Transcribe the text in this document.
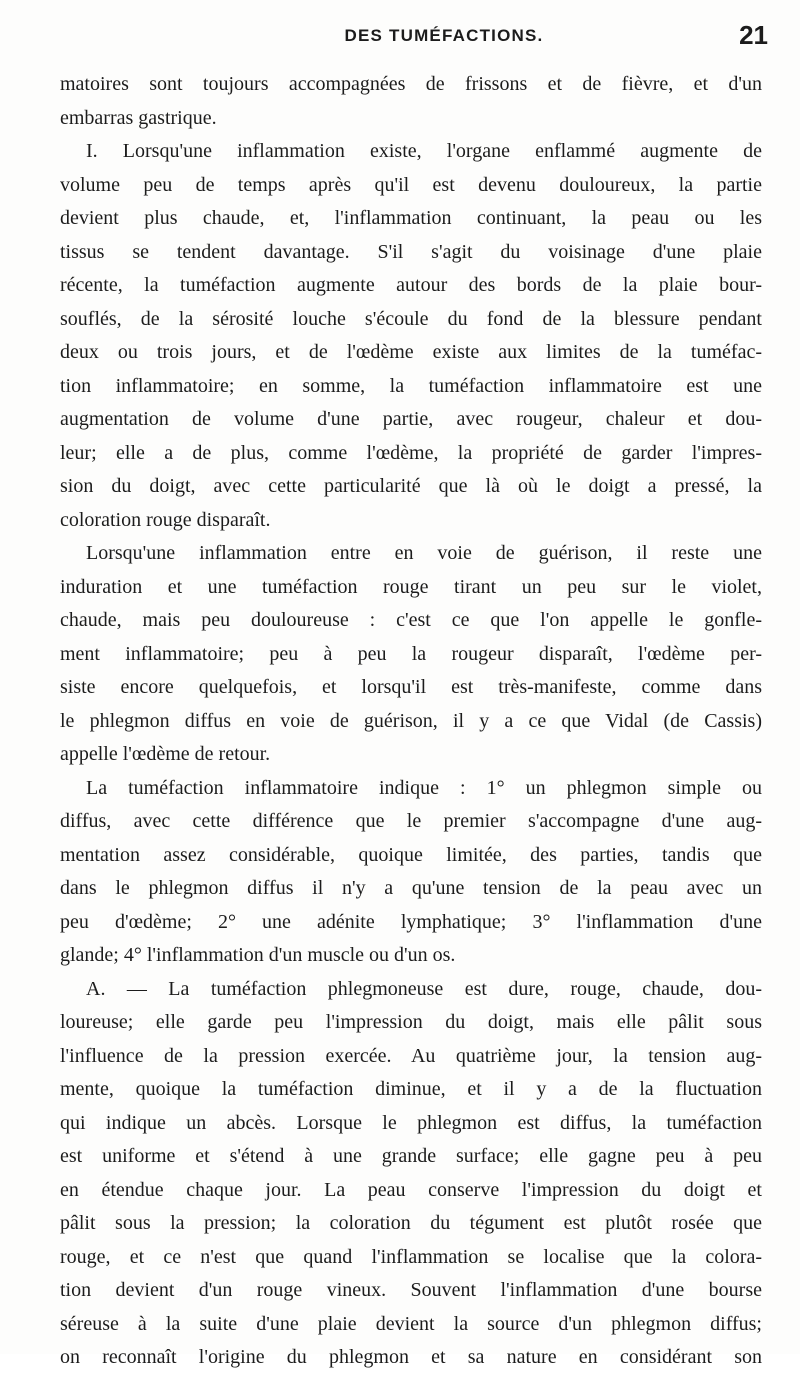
DES TUMÉFACTIONS.	21
matoires sont toujours accompagnées de frissons et de fièvre, et d'un
embarras gastrique.
I. Lorsqu'une inflammation existe, l'organe enflammé augmente de
volume peu de temps après qu'il est devenu douloureux, la partie
devient plus chaude, et, l'inflammation continuant, la peau ou les
tissus se tendent davantage. S'il s'agit du voisinage d'une plaie
récente, la tuméfaction augmente autour des bords de la plaie bour-
souflés, de la sérosité louche s'écoule du fond de la blessure pendant
deux ou trois jours, et de l'œdème existe aux limites de la tuméfac-
tion inflammatoire; en somme, la tuméfaction inflammatoire est une
augmentation de volume d'une partie, avec rougeur, chaleur et dou-
leur; elle a de plus, comme l'œdème, la propriété de garder l'impres-
sion du doigt, avec cette particularité que là où le doigt a pressé, la
coloration rouge disparaît.
Lorsqu'une inflammation entre en voie de guérison, il reste une
induration et une tuméfaction rouge tirant un peu sur le violet,
chaude, mais peu douloureuse : c'est ce que l'on appelle le gonfle-
ment inflammatoire; peu à peu la rougeur disparaît, l'œdème per-
siste encore quelquefois, et lorsqu'il est très-manifeste, comme dans
le phlegmon diffus en voie de guérison, il y a ce que Vidal (de Cassis)
appelle l'œdème de retour.
La tuméfaction inflammatoire indique : 1° un phlegmon simple ou
diffus, avec cette différence que le premier s'accompagne d'une aug-
mentation assez considérable, quoique limitée, des parties, tandis que
dans le phlegmon diffus il n'y a qu'une tension de la peau avec un
peu d'œdème; 2° une adénite lymphatique; 3° l'inflammation d'une
glande; 4° l'inflammation d'un muscle ou d'un os.
A. — La tuméfaction phlegmoneuse est dure, rouge, chaude, dou-
loureuse; elle garde peu l'impression du doigt, mais elle pâlit sous
l'influence de la pression exercée. Au quatrième jour, la tension aug-
mente, quoique la tuméfaction diminue, et il y a de la fluctuation
qui indique un abcès. Lorsque le phlegmon est diffus, la tuméfaction
est uniforme et s'étend à une grande surface; elle gagne peu à peu
en étendue chaque jour. La peau conserve l'impression du doigt et
pâlit sous la pression; la coloration du tégument est plutôt rosée que
rouge, et ce n'est que quand l'inflammation se localise que la colora-
tion devient d'un rouge vineux. Souvent l'inflammation d'une bourse
séreuse à la suite d'une plaie devient la source d'un phlegmon diffus;
on reconnaît l'origine du phlegmon et sa nature en considérant son
